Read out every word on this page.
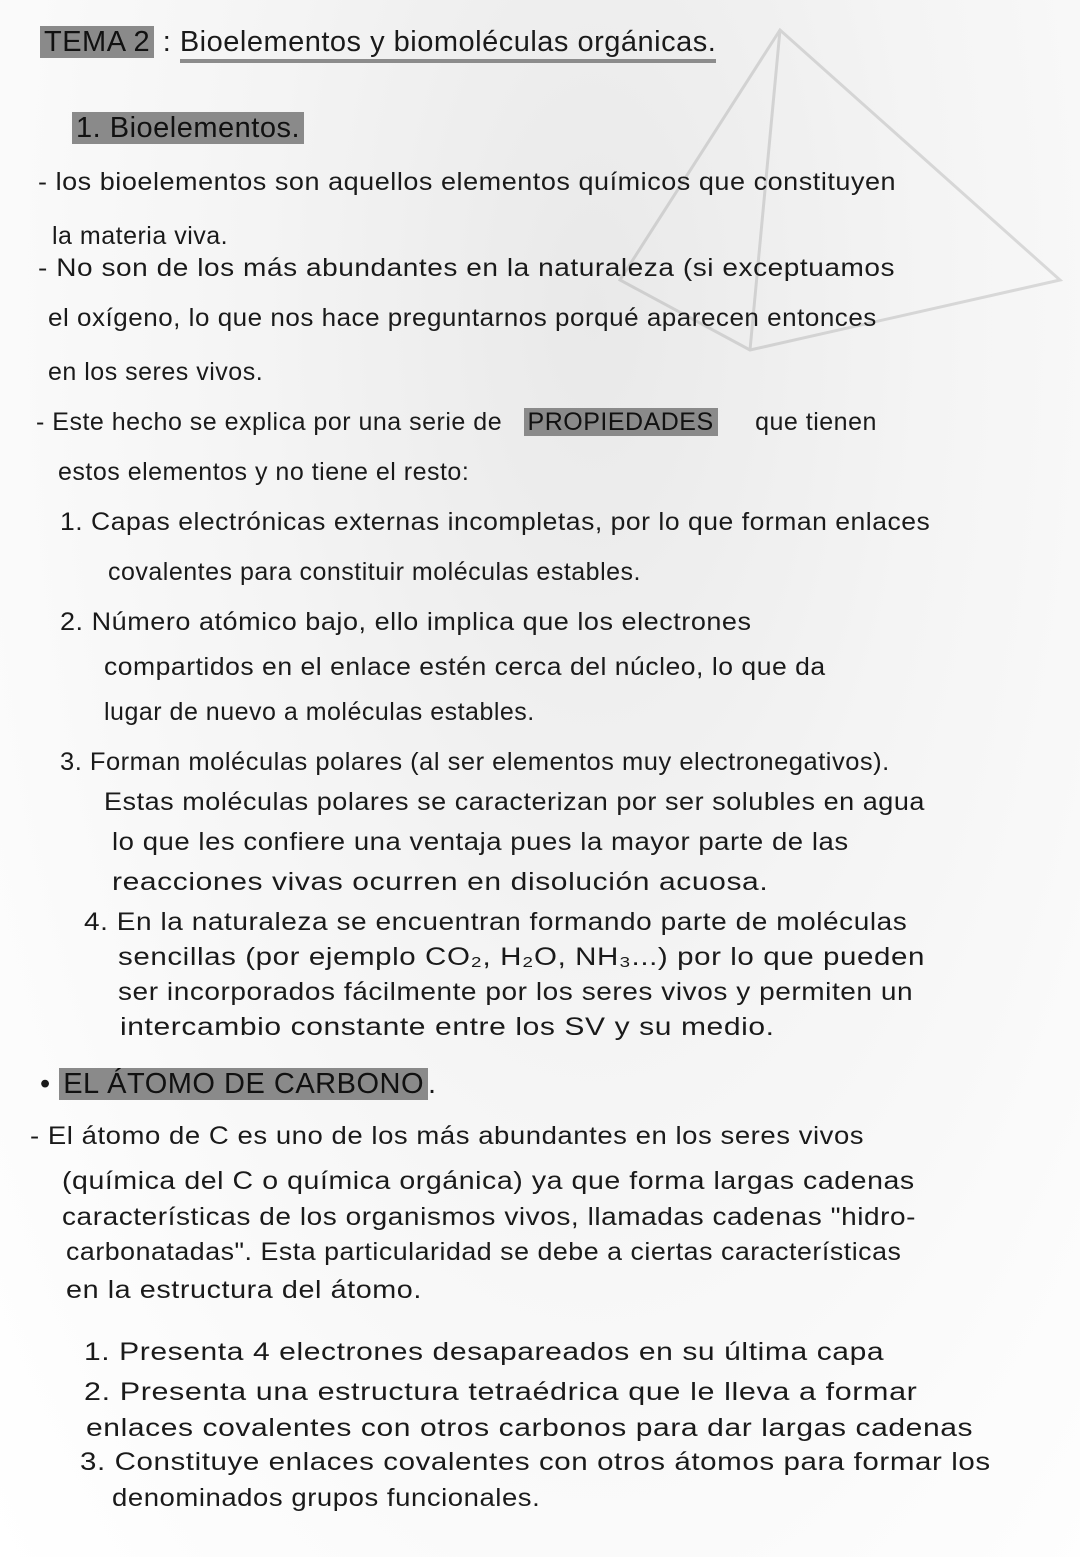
TEMA 2 : Bioelementos y biomoléculas orgánicas.
1. Bioelementos.
- los bioelementos son aquellos elementos químicos que constituyen
la materia viva.
- No son de los más abundantes en la naturaleza (si exceptuamos
el oxígeno, lo que nos hace preguntarnos porqué aparecen entonces
en los seres vivos.
- Este hecho se explica por una serie de PROPIEDADES que tienen
estos elementos y no tiene el resto:
1. Capas electrónicas externas incompletas, por lo que forman enlaces
covalentes para constituir moléculas estables.
2. Número atómico bajo, ello implica que los electrones
compartidos en el enlace estén cerca del núcleo, lo que da
lugar de nuevo a moléculas estables.
3. Forman moléculas polares (al ser elementos muy electronegativos).
Estas moléculas polares se caracterizan por ser solubles en agua
lo que les confiere una ventaja pues la mayor parte de las
reacciones vivas ocurren en disolución acuosa.
4. En la naturaleza se encuentran formando parte de moléculas
sencillas (por ejemplo CO₂, H₂O, NH₃...) por lo que pueden
ser incorporados fácilmente por los seres vivos y permiten un
intercambio constante entre los SV y su medio.
• EL ÁTOMO DE CARBONO .
- El átomo de C es uno de los más abundantes en los seres vivos
(química del C o química orgánica) ya que forma largas cadenas
características de los organismos vivos, llamadas cadenas "hidro-
carbonatadas". Esta particularidad se debe a ciertas características
en la estructura del átomo.
1. Presenta 4 electrones desapareados en su última capa
2. Presenta una estructura tetraédrica que le lleva a formar
enlaces covalentes con otros carbonos para dar largas cadenas
3. Constituye enlaces covalentes con otros átomos para formar los
denominados grupos funcionales.
